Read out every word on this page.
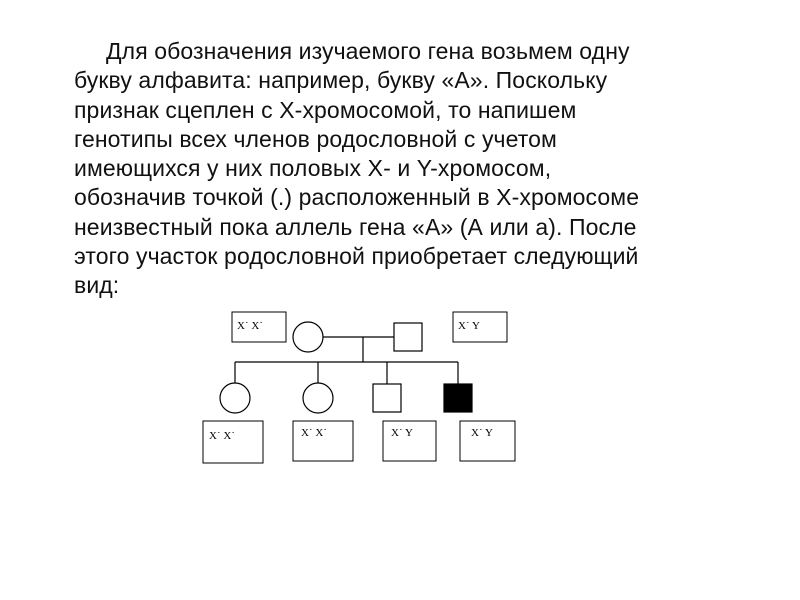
Для обозначения изучаемого гена возьмем одну
букву алфавита: например, букву «А». Поскольку
признак сцеплен с Х-хромосомой, то напишем
генотипы всех членов родословной с учетом
имеющихся у них половых Х- и Y-хромосом,
обозначив точкой (.) расположенный в Х-хромосоме
неизвестный пока аллель гена «А» (А или а). После
этого участок родословной приобретает следующий
вид:

X˙ X˙	X˙ Y
X˙ X˙	X˙ X˙	X˙ Y	X˙ Y
